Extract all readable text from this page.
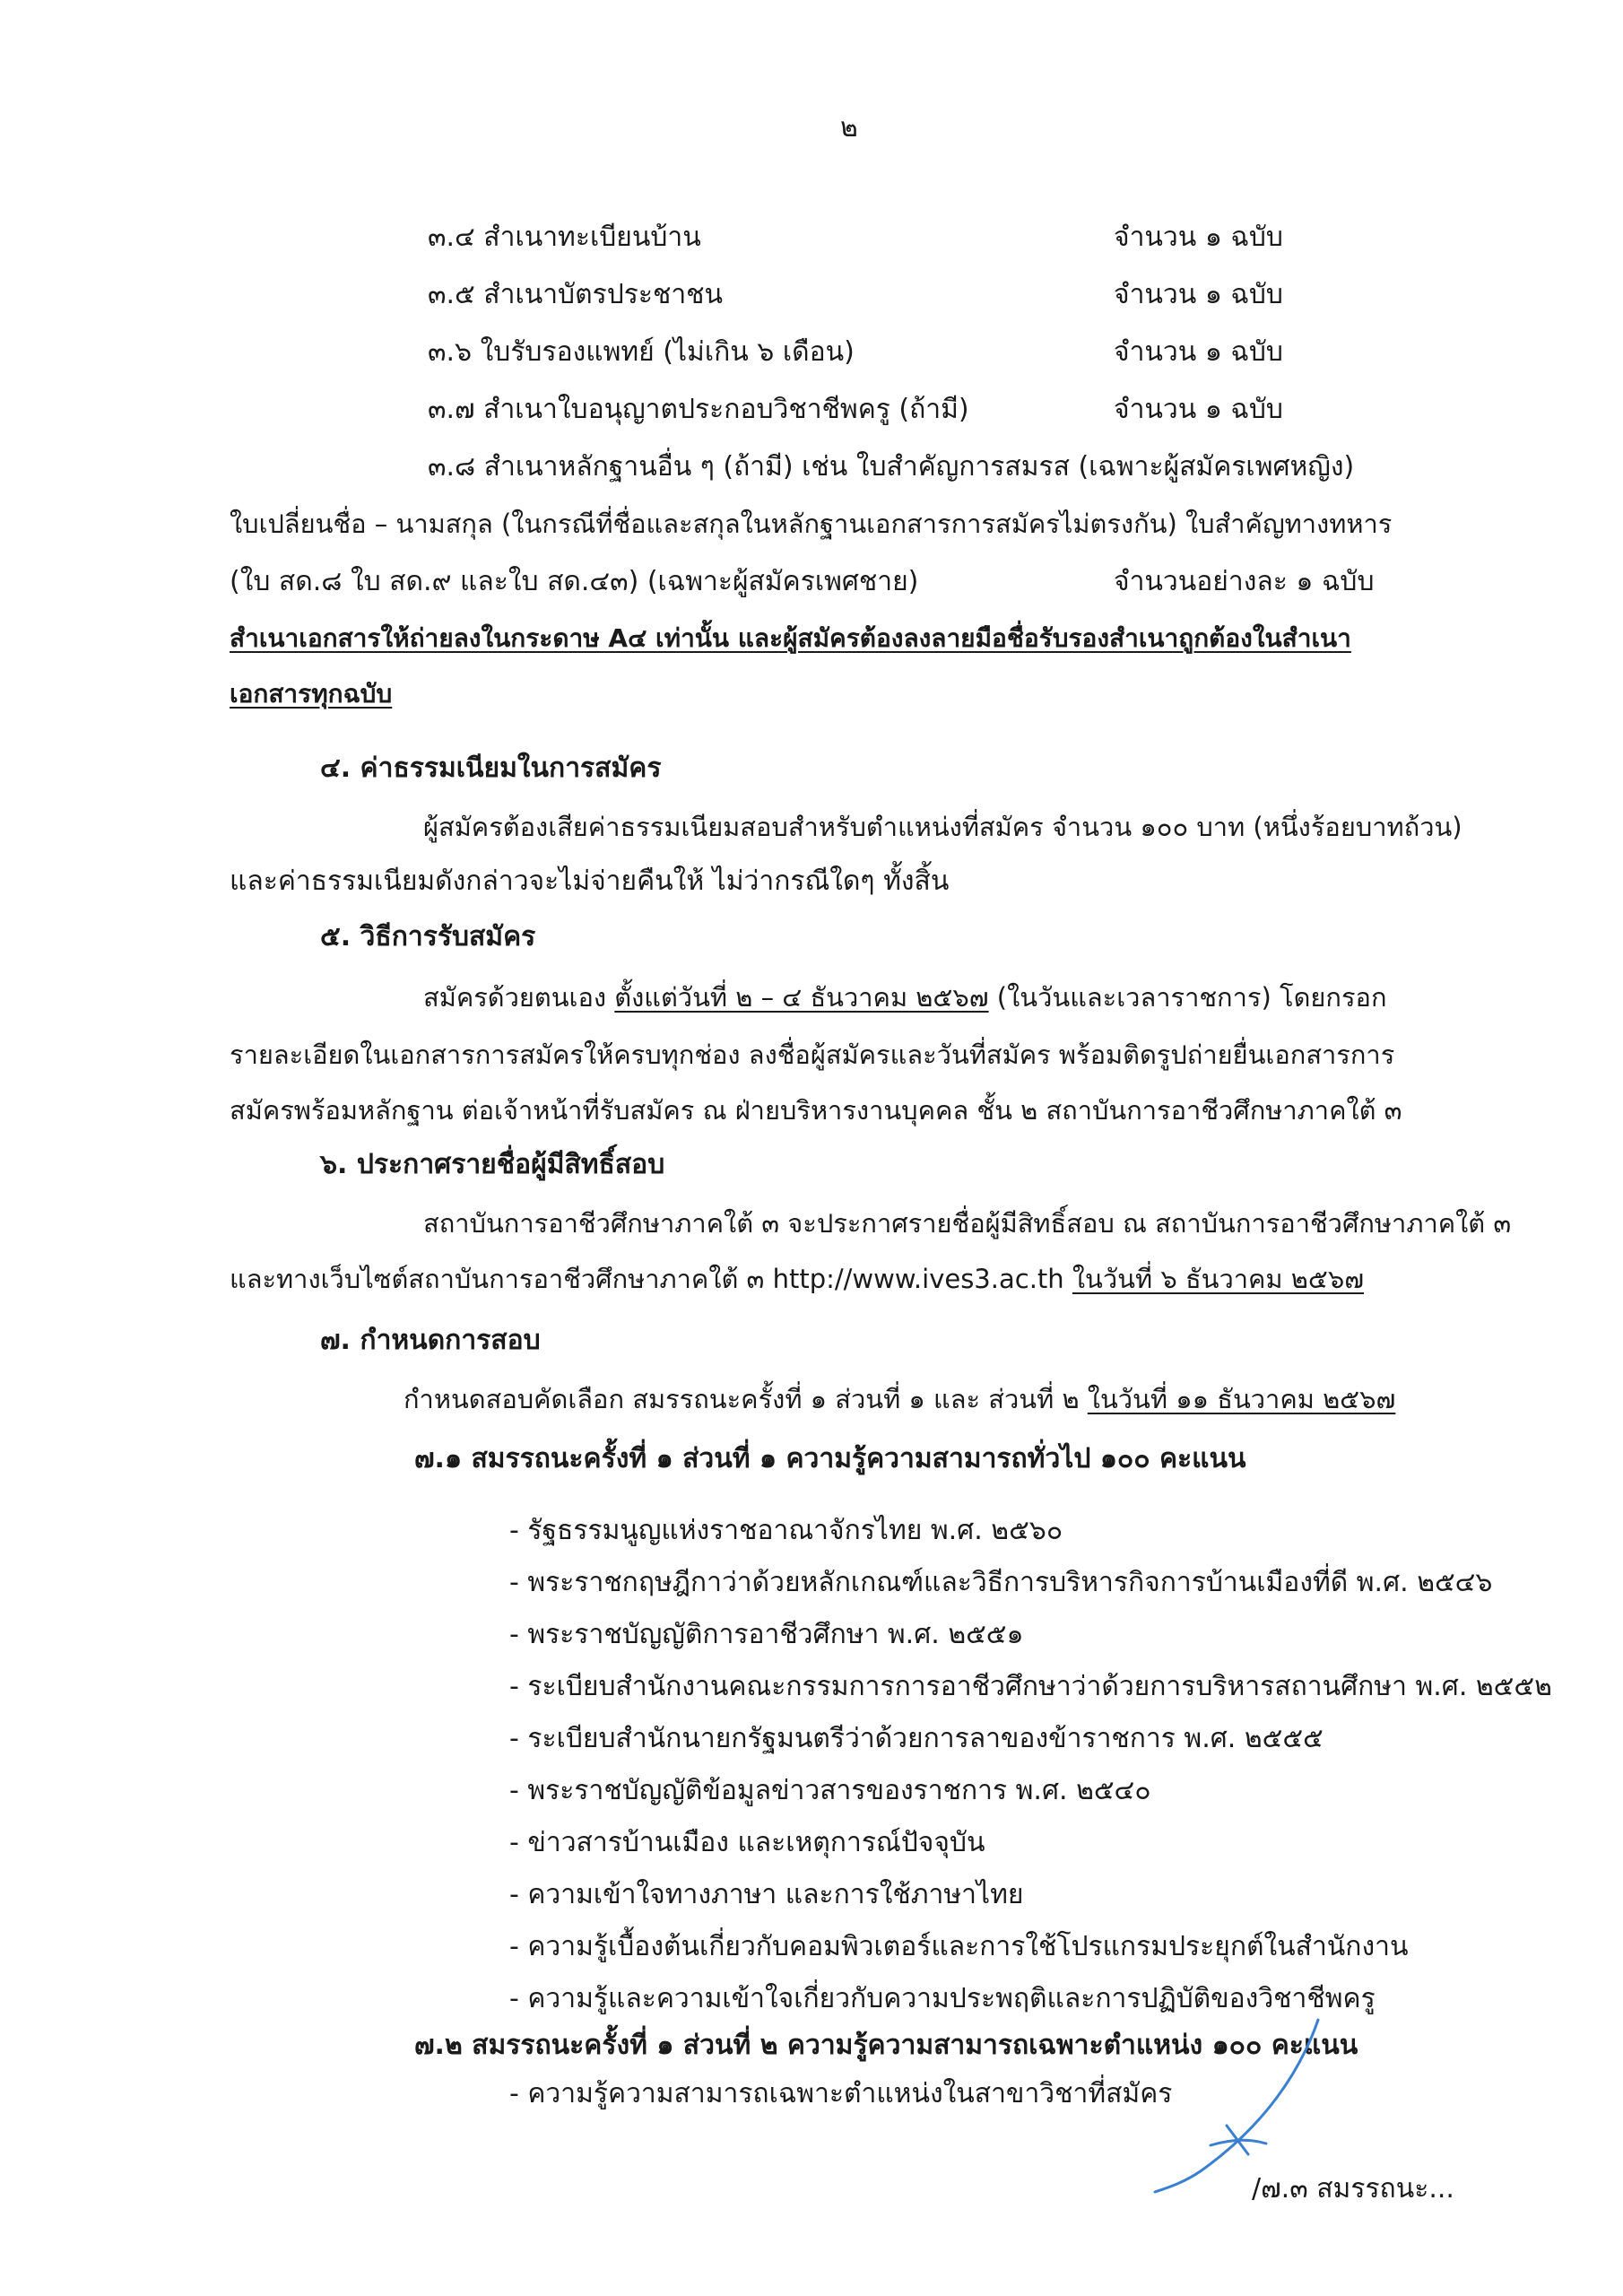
๒
๓.๔ สำเนาทะเบียนบ้าน	จำนวน ๑ ฉบับ
๓.๕ สำเนาบัตรประชาชน	จำนวน ๑ ฉบับ
๓.๖ ใบรับรองแพทย์ (ไม่เกิน ๖ เดือน)	จำนวน ๑ ฉบับ
๓.๗ สำเนาใบอนุญาตประกอบวิชาชีพครู (ถ้ามี)	จำนวน ๑ ฉบับ
๓.๘ สำเนาหลักฐานอื่น ๆ (ถ้ามี) เช่น ใบสำคัญการสมรส (เฉพาะผู้สมัครเพศหญิง)
ใบเปลี่ยนชื่อ – นามสกุล (ในกรณีที่ชื่อและสกุลในหลักฐานเอกสารการสมัครไม่ตรงกัน) ใบสำคัญทางทหาร
(ใบ สด.๘ ใบ สด.๙ และใบ สด.๔๓) (เฉพาะผู้สมัครเพศชาย)	จำนวนอย่างละ ๑ ฉบับ
สำเนาเอกสารให้ถ่ายลงในกระดาษ A๔ เท่านั้น และผู้สมัครต้องลงลายมือชื่อรับรองสำเนาถูกต้องในสำเนา
เอกสารทุกฉบับ
๔. ค่าธรรมเนียมในการสมัคร
ผู้สมัครต้องเสียค่าธรรมเนียมสอบสำหรับตำแหน่งที่สมัคร จำนวน ๑๐๐ บาท (หนึ่งร้อยบาทถ้วน)
และค่าธรรมเนียมดังกล่าวจะไม่จ่ายคืนให้ ไม่ว่ากรณีใดๆ ทั้งสิ้น
๕. วิธีการรับสมัคร
สมัครด้วยตนเอง ตั้งแต่วันที่ ๒ – ๔ ธันวาคม ๒๕๖๗ (ในวันและเวลาราชการ) โดยกรอก
รายละเอียดในเอกสารการสมัครให้ครบทุกช่อง ลงชื่อผู้สมัครและวันที่สมัคร พร้อมติดรูปถ่ายยื่นเอกสารการ
สมัครพร้อมหลักฐาน ต่อเจ้าหน้าที่รับสมัคร ณ ฝ่ายบริหารงานบุคคล ชั้น ๒ สถาบันการอาชีวศึกษาภาคใต้ ๓
๖. ประกาศรายชื่อผู้มีสิทธิ์สอบ
สถาบันการอาชีวศึกษาภาคใต้ ๓ จะประกาศรายชื่อผู้มีสิทธิ์สอบ ณ สถาบันการอาชีวศึกษาภาคใต้ ๓
และทางเว็บไซต์สถาบันการอาชีวศึกษาภาคใต้ ๓ http://www.ives3.ac.th ในวันที่ ๖ ธันวาคม ๒๕๖๗
๗. กำหนดการสอบ
กำหนดสอบคัดเลือก สมรรถนะครั้งที่ ๑ ส่วนที่ ๑ และ ส่วนที่ ๒ ในวันที่ ๑๑ ธันวาคม ๒๕๖๗
๗.๑ สมรรถนะครั้งที่ ๑ ส่วนที่ ๑ ความรู้ความสามารถทั่วไป ๑๐๐ คะแนน
- รัฐธรรมนูญแห่งราชอาณาจักรไทย พ.ศ. ๒๕๖๐
- พระราชกฤษฎีกาว่าด้วยหลักเกณฑ์และวิธีการบริหารกิจการบ้านเมืองที่ดี พ.ศ. ๒๕๔๖
- พระราชบัญญัติการอาชีวศึกษา พ.ศ. ๒๕๕๑
- ระเบียบสำนักงานคณะกรรมการการอาชีวศึกษาว่าด้วยการบริหารสถานศึกษา พ.ศ. ๒๕๕๒
- ระเบียบสำนักนายกรัฐมนตรีว่าด้วยการลาของข้าราชการ พ.ศ. ๒๕๕๕
- พระราชบัญญัติข้อมูลข่าวสารของราชการ พ.ศ. ๒๕๔๐
- ข่าวสารบ้านเมือง และเหตุการณ์ปัจจุบัน
- ความเข้าใจทางภาษา และการใช้ภาษาไทย
- ความรู้เบื้องต้นเกี่ยวกับคอมพิวเตอร์และการใช้โปรแกรมประยุกต์ในสำนักงาน
- ความรู้และความเข้าใจเกี่ยวกับความประพฤติและการปฏิบัติของวิชาชีพครู
๗.๒ สมรรถนะครั้งที่ ๑ ส่วนที่ ๒ ความรู้ความสามารถเฉพาะตำแหน่ง ๑๐๐ คะแนน
- ความรู้ความสามารถเฉพาะตำแหน่งในสาขาวิชาที่สมัคร
/๗.๓ สมรรถนะ...
